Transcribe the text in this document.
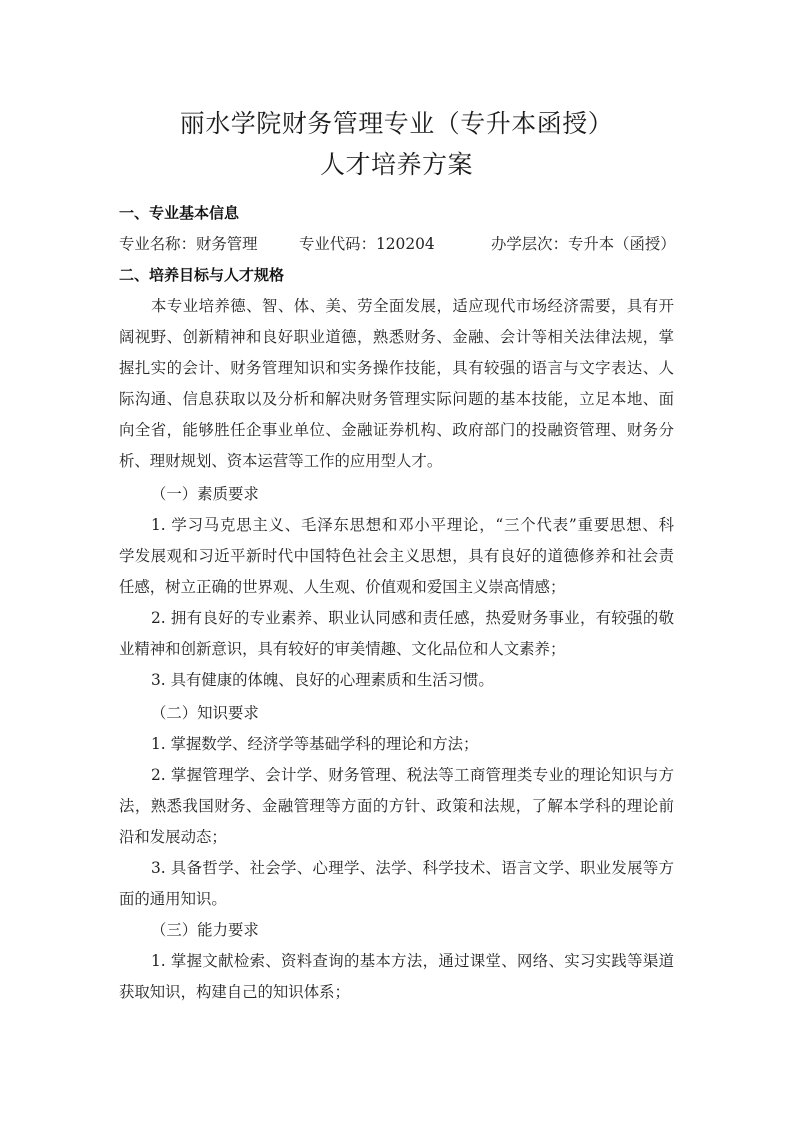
丽水学院财务管理专业（专升本函授）
人才培养方案
一、专业基本信息
专业名称：财务管理	专业代码：120204	办学层次：专升本（函授）
二、培养目标与人才规格
本专业培养德、智、体、美、劳全面发展，适应现代市场经济需要，具有开
阔视野、创新精神和良好职业道德，熟悉财务、金融、会计等相关法律法规，掌
握扎实的会计、财务管理知识和实务操作技能，具有较强的语言与文字表达、人
际沟通、信息获取以及分析和解决财务管理实际问题的基本技能，立足本地、面
向全省，能够胜任企事业单位、金融证券机构、政府部门的投融资管理、财务分
析、理财规划、资本运营等工作的应用型人才。
（一）素质要求
1. 学习马克思主义、毛泽东思想和邓小平理论，“三个代表”重要思想、科
学发展观和习近平新时代中国特色社会主义思想，具有良好的道德修养和社会责
任感，树立正确的世界观、人生观、价值观和爱国主义崇高情感；
2. 拥有良好的专业素养、职业认同感和责任感，热爱财务事业，有较强的敬
业精神和创新意识，具有较好的审美情趣、文化品位和人文素养；
3. 具有健康的体魄、良好的心理素质和生活习惯。
（二）知识要求
1. 掌握数学、经济学等基础学科的理论和方法；
2. 掌握管理学、会计学、财务管理、税法等工商管理类专业的理论知识与方
法，熟悉我国财务、金融管理等方面的方针、政策和法规，了解本学科的理论前
沿和发展动态；
3. 具备哲学、社会学、心理学、法学、科学技术、语言文学、职业发展等方
面的通用知识。
（三）能力要求
1. 掌握文献检索、资料查询的基本方法，通过课堂、网络、实习实践等渠道
获取知识，构建自己的知识体系；
